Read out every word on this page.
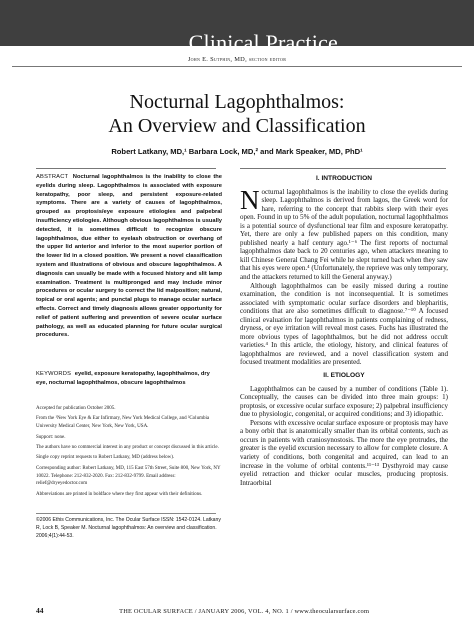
Clinical Practice
John E. Sutphin, MD, section editor
Nocturnal Lagophthalmos:
An Overview and Classification
Robert Latkany, MD,¹ Barbara Lock, MD,² and Mark Speaker, MD, PhD¹
ABSTRACT Nocturnal lagophthalmos is the inability to close the eyelids during sleep. Lagophthalmos is associated with exposure keratopathy, poor sleep, and persistent exposure-related symptoms. There are a variety of causes of lagophthalmos, grouped as proptosis/eye exposure etiologies and palpebral insufficiency etiologies. Although obvious lagophthalmos is usually detected, it is sometimes difficult to recognize obscure lagophthalmos, due either to eyelash obstruction or overhang of the upper lid anterior and inferior to the most superior portion of the lower lid in a closed position. We present a novel classification system and illustrations of obvious and obscure lagophthalmos. A diagnosis can usually be made with a focused history and slit lamp examination. Treatment is multipronged and may include minor procedures or ocular surgery to correct the lid malposition; natural, topical or oral agents; and punctal plugs to manage ocular surface effects. Correct and timely diagnosis allows greater opportunity for relief of patient suffering and prevention of severe ocular surface pathology, as well as educated planning for future ocular surgical procedures.
KEYWORDS eyelid, exposure keratopathy, lagophthalmos, dry eye, nocturnal lagophthalmos, obscure lagophthalmos
Accepted for publication October 2005.
From the ¹New York Eye & Ear Infirmary, New York Medical College, and ²Columbia University Medical Center, New York, New York, USA.
Support: none.
The authors have no commercial interest in any product or concept discussed in this article.
Single copy reprint requests to Robert Latkany, MD (address below).
Corresponding author: Robert Latkany, MD, 115 East 57th Street, Suite 800, New York, NY 10022. Telephone: 212-832-2020. Fax: 212-832-9799. Email address: relief@dryeyedoctor.com
Abbreviations are printed in boldface where they first appear with their definitions.
©2006 Ethis Communications, Inc. The Ocular Surface ISSN: 1542-0124. Latkany R, Lock B, Speaker M. Nocturnal lagophthalmos: An overview and classification. 2006;4(1):44-53.
I. INTRODUCTION

Nocturnal lagophthalmos is the inability to close the eyelids during sleep. Lagophthalmos is derived from lagos, the Greek word for hare, referring to the concept that rabbits sleep with their eyes open. Found in up to 5% of the adult population, nocturnal lagophthalmos is a potential source of dysfunctional tear film and exposure keratopathy. Yet, there are only a few published papers on this condition, many published nearly a half century ago.¹⁻⁶ The first reports of nocturnal lagophthalmos date back to 20 centuries ago, when attackers meaning to kill Chinese General Chang Fei while he slept turned back when they saw that his eyes were open.⁴ (Unfortunately, the reprieve was only temporary, and the attackers returned to kill the General anyway.)

Although lagophthalmos can be easily missed during a routine examination, the condition is not inconsequential. It is sometimes associated with symptomatic ocular surface disorders and blepharitis, conditions that are also sometimes difficult to diagnose.⁷⁻¹⁰ A focused clinical evaluation for lagophthalmos in patients complaining of redness, dryness, or eye irritation will reveal most cases. Fuchs has illustrated the more obvious types of lagophthalmos, but he did not address occult varieties.⁴ In this article, the etiology, history, and clinical features of lagophthalmos are reviewed, and a novel classification system and focused treatment modalities are presented.

II. ETIOLOGY

Lagophthalmos can be caused by a number of conditions (Table 1). Conceptually, the causes can be divided into three main groups: 1) proptosis, or excessive ocular surface exposure; 2) palpebral insufficiency due to physiologic, congenital, or acquired conditions; and 3) idiopathic.

Persons with excessive ocular surface exposure or proptosis may have a bony orbit that is anatomically smaller than its orbital contents, such as occurs in patients with craniosynostosis. The more the eye protrudes, the greater is the eyelid excursion necessary to allow for complete closure. A variety of conditions, both congenital and acquired, can lead to an increase in the volume of orbital contents.¹¹⁻¹³ Dysthyroid may cause eyelid retraction and thicker ocular muscles, producing proptosis. Intraorbital

44	THE OCULAR SURFACE / JANUARY 2006, VOL. 4, NO. 1 / www.theocularsurface.com
